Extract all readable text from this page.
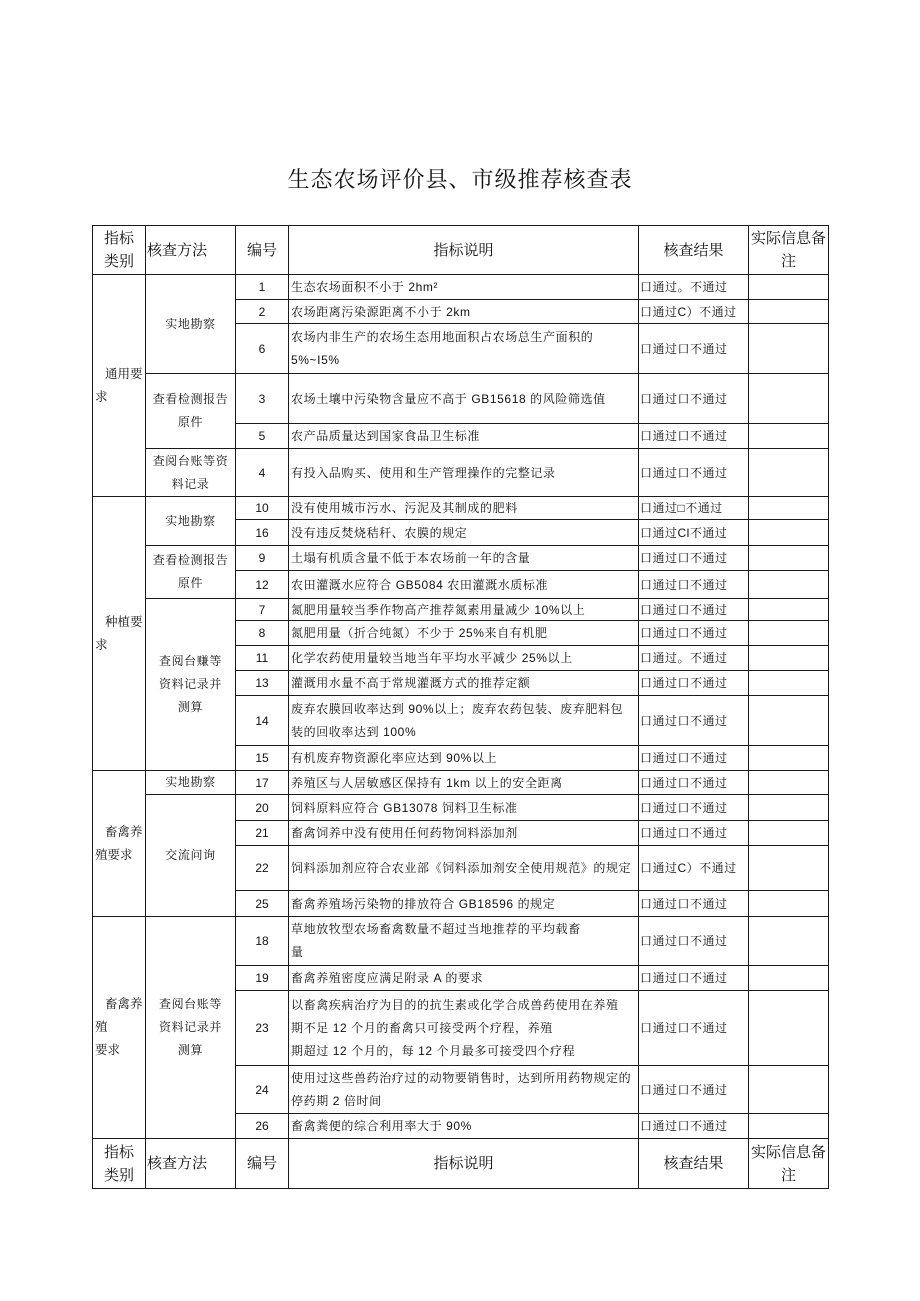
生态农场评价县、市级推荐核查表
指标
类别	核查方法	编号	指标说明	核查结果	实际信息备
注
通用要
求	实地勘察	1	生态农场面积不小于 2hm²	口通过。不通过	
		2	农场距离污染源距离不小于 2km	口通过C）不通过	
		6	农场内非生产的农场生态用地面积占农场总生产面积的
5%~I5%	口通过口不通过	
	查看检测报告
原件	3	农场土壤中污染物含量应不高于 GB15618 的风险筛选值	口通过口不通过	
		5	农产品质量达到国家食品卫生标准	口通过口不通过	
	查阅台账等资
料记录	4	有投入品购买、使用和生产管理操作的完整记录	口通过口不通过	
种植要
求	实地勘察	10	没有使用城市污水、污泥及其制成的肥料	口通过□不通过	
		16	没有违反焚烧秸秆、农膜的规定	口通过Cl不通过	
	查看检测报告
原件	9	土塌有机质含量不低于本农场前一年的含量	口通过口不通过	
		12	农田灌溉水应符合 GB5084 农田灌溉水质标准	口通过口不通过	
	查阅台赚等
资料记录并
测算	7	氮肥用量较当季作物高产推荐氮素用量减少 10%以上	口通过口不通过	
		8	氮肥用量（折合纯氮）不少于 25%来自有机肥	口通过口不通过	
		11	化学农药使用量较当地当年平均水平减少 25%以上	口通过。不通过	
		13	灌溉用水量不高于常规灌溉方式的推荐定额	口通过口不通过	
		14	废弃农膜回收率达到 90%以上；废弃农药包装、废弃肥料包
装的回收率达到 100%	口通过口不通过	
		15	有机废弃物资源化率应达到 90%以上	口通过口不通过	
畜禽养
殖要求	实地勘察	17	养殖区与人居敏感区保持有 1km 以上的安全距离	口通过口不通过	
	交流问询	20	饲料原料应符合 GB13078 饲料卫生标准	口通过口不通过	
		21	畜禽饲养中没有使用任何药物饲料添加剂	口通过口不通过	
		22	饲料添加剂应符合农业部《饲料添加剂安全使用规范》的规定	口通过C）不通过	
		25	畜禽养殖场污染物的排放符合 GB18596 的规定	口通过口不通过	
畜禽养
殖
要求	查阅台账等
资料记录并
测算	18	草地放牧型农场畜禽数量不超过当地推荐的平均载畜
量	口通过口不通过	
		19	畜禽养殖密度应满足附录 A 的要求	口通过口不通过	
		23	以畜禽疾病治疗为目的的抗生素或化学合成兽药使用在养殖
期不足 12 个月的畜禽只可接受两个疗程，养殖
期超过 12 个月的，每 12 个月最多可接受四个疗程	口通过口不通过	
		24	使用过这些兽药治疗过的动物要销售时，达到所用药物规定的
停药期 2 倍时间	口通过口不通过	
		26	畜禽粪便的综合利用率大于 90%	口通过口不通过	
指标
类别	核查方法	编号	指标说明	核查结果	实际信息备
注
